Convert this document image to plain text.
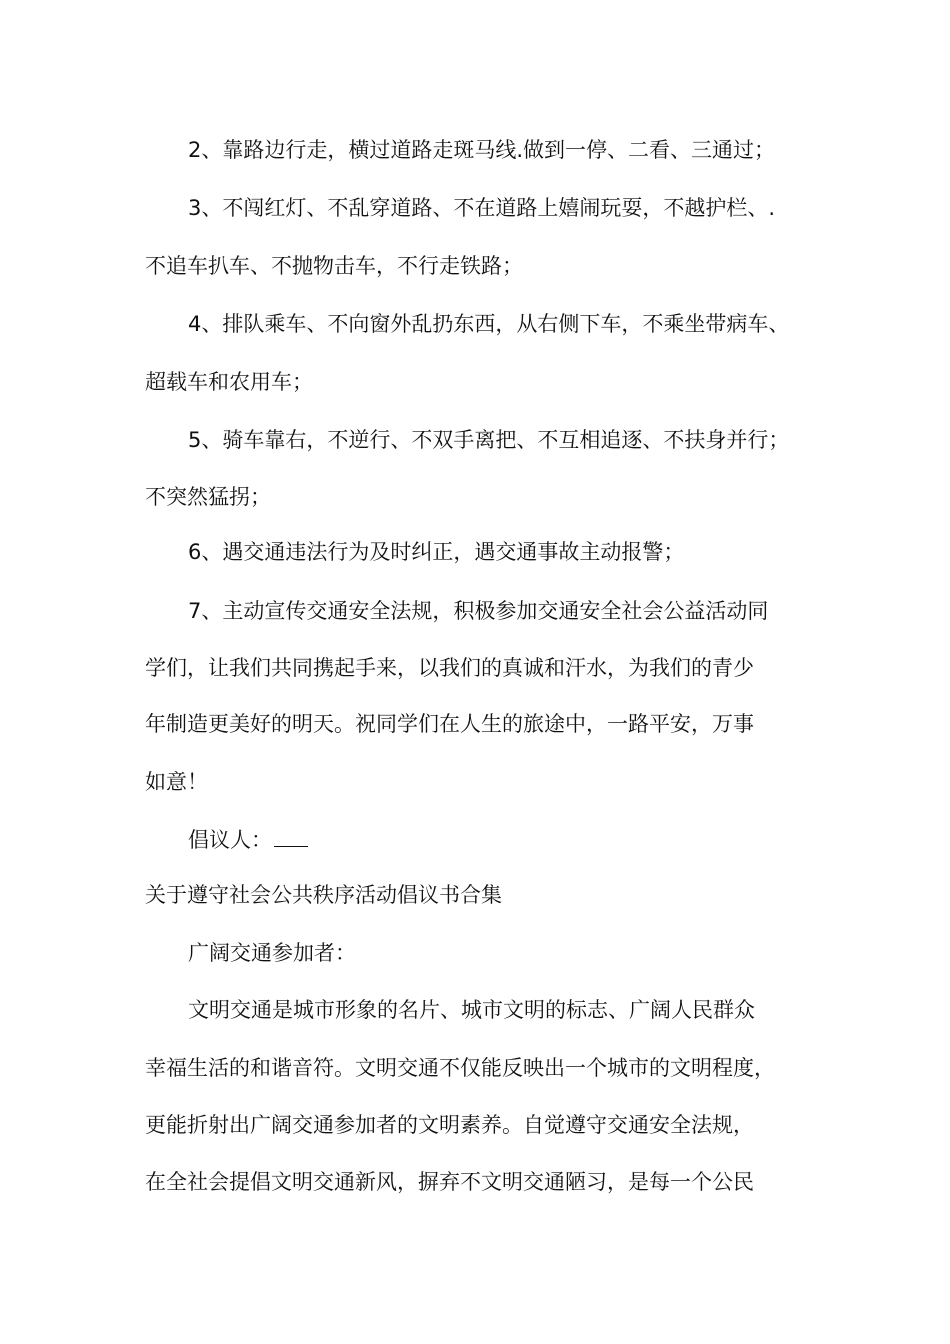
2、靠路边行走，横过道路走斑马线.做到一停、二看、三通过；
3、不闯红灯、不乱穿道路、不在道路上嬉闹玩耍，不越护栏、.
不追车扒车、不抛物击车，不行走铁路；
4、排队乘车、不向窗外乱扔东西，从右侧下车，不乘坐带病车、
超载车和农用车；
5、骑车靠右，不逆行、不双手离把、不互相追逐、不扶身并行；
不突然猛拐；
6、遇交通违法行为及时纠正，遇交通事故主动报警；
7、主动宣传交通安全法规，积极参加交通安全社会公益活动同
学们，让我们共同携起手来，以我们的真诚和汗水，为我们的青少
年制造更美好的明天。祝同学们在人生的旅途中，一路平安，万事
如意！
倡议人：
关于遵守社会公共秩序活动倡议书合集
广阔交通参加者：
文明交通是城市形象的名片、城市文明的标志、广阔人民群众
幸福生活的和谐音符。文明交通不仅能反映出一个城市的文明程度，
更能折射出广阔交通参加者的文明素养。自觉遵守交通安全法规，
在全社会提倡文明交通新风，摒弃不文明交通陋习，是每一个公民
